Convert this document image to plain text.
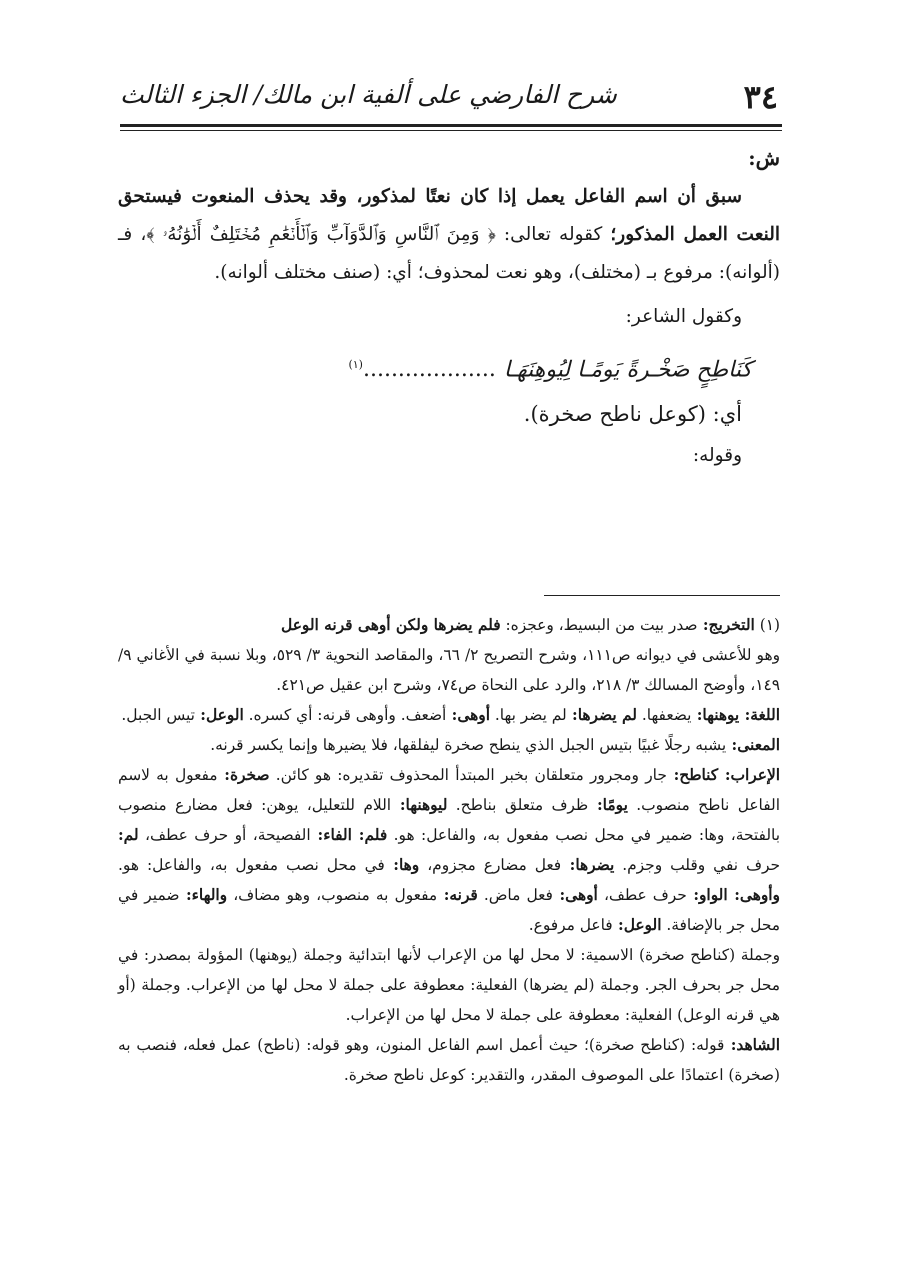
٣٤
شرح الفارضي على ألفية ابن مالك/ الجزء الثالث

ش:

سبق أن اسم الفاعل يعمل إذا كان نعتًا لمذكور، وقد يحذف المنعوت فيستحق

النعت العمل المذكور؛ كقوله تعالى: ﴿ وَمِنَ ٱلنَّاسِ وَٱلدَّوَآبِّ وَٱلۡأَنۡعَٰمِ مُخۡتَلِفٌ أَلۡوَٰنُهُۥ ﴾، فـ (ألوانه): مرفوع بـ (مختلف)، وهو نعت لمحذوف؛ أي: (صنف مختلف ألوانه).

وكقول الشاعر:

كَنَاطِحٍ صَخْـرةً يَومًـا لِيُوهِنَهَـا...................$^{(١)}$

أي: (كوعل ناطح صخرة).

وقوله:

(١) التخريج: صدر بيت من البسيط، وعجزه: فلم يضرها ولكن أوهى قرنه الوعل

وهو للأعشى في ديوانه ص١١١، وشرح التصريح ٢/ ٦٦، والمقاصد النحوية ٣/ ٥٢٩، وبلا نسبة في الأغاني ٩/ ١٤٩، وأوضح المسالك ٣/ ٢١٨، والرد على النحاة ص٧٤، وشرح ابن عقيل ص٤٢١.

اللغة: يوهنها: يضعفها. لم يضرها: لم يضر بها. أوهى: أضعف. وأوهى قرنه: أي كسره. الوعل: تيس الجبل.

المعنى: يشبه رجلًا غبيًا بتيس الجبل الذي ينطح صخرة ليفلقها، فلا يضيرها وإنما يكسر قرنه.

الإعراب: كناطح: جار ومجرور متعلقان بخبر المبتدأ المحذوف تقديره: هو كائن. صخرة: مفعول به لاسم الفاعل ناطح منصوب. يومًا: ظرف متعلق بناطح. ليوهنها: اللام للتعليل، يوهن: فعل مضارع منصوب بالفتحة، وها: ضمير في محل نصب مفعول به، والفاعل: هو. فلم: الفاء: الفصيحة، أو حرف عطف، لم: حرف نفي وقلب وجزم. يضرها: فعل مضارع مجزوم، وها: في محل نصب مفعول به، والفاعل: هو. وأوهى: الواو: حرف عطف، أوهى: فعل ماض. قرنه: مفعول به منصوب، وهو مضاف، والهاء: ضمير في محل جر بالإضافة. الوعل: فاعل مرفوع.

وجملة (كناطح صخرة) الاسمية: لا محل لها من الإعراب لأنها ابتدائية وجملة (يوهنها) المؤولة بمصدر: في محل جر بحرف الجر. وجملة (لم يضرها) الفعلية: معطوفة على جملة لا محل لها من الإعراب. وجملة (أو هي قرنه الوعل) الفعلية: معطوفة على جملة لا محل لها من الإعراب.

الشاهد: قوله: (كناطح صخرة)؛ حيث أعمل اسم الفاعل المنون، وهو قوله: (ناطح) عمل فعله، فنصب به (صخرة) اعتمادًا على الموصوف المقدر، والتقدير: كوعل ناطح صخرة.
